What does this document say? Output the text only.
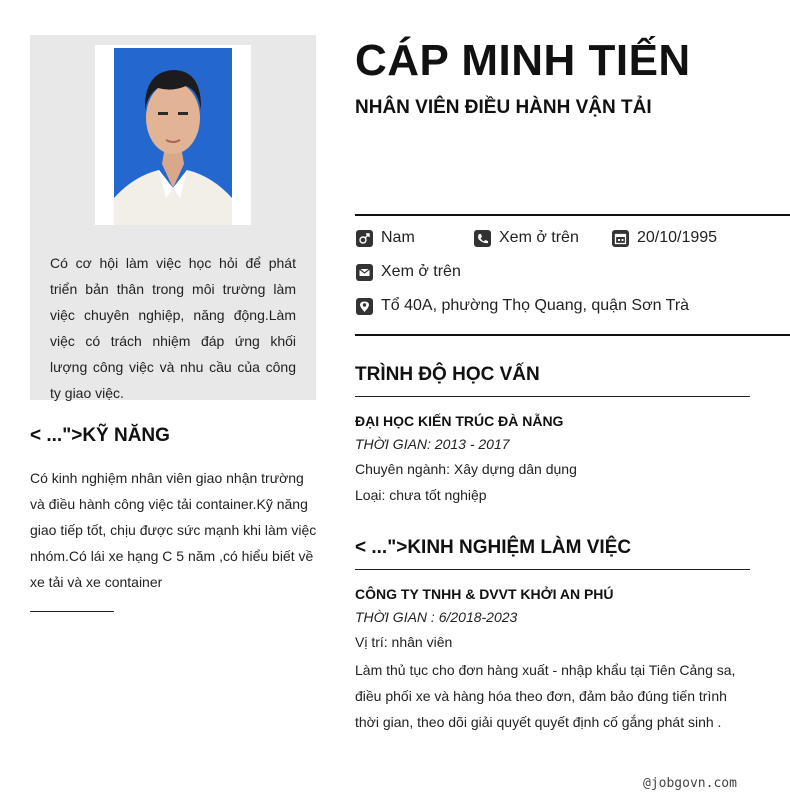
Có cơ hội làm việc học hỏi để phát triển bản thân trong môi trường làm việc chuyên nghiệp, năng động.Làm việc có trách nhiệm đáp ứng khối lượng công việc và nhu cầu của công ty giao việc.
< ...">KỸ NĂNG
Có kinh nghiệm nhân viên giao nhận trường và điều hành công việc tải container.Kỹ năng giao tiếp tốt, chịu được sức mạnh khi làm việc nhóm.Có lái xe hạng C 5 năm ,có hiểu biết về xe tải và xe container
CÁP MINH TIẾN
NHÂN VIÊN ĐIỀU HÀNH VẬN TẢI
Nam	Xem ở trên	20/10/1995
Xem ở trên
Tổ 40A, phường Thọ Quang, quận Sơn Trà
TRÌNH ĐỘ HỌC VẤN
ĐẠI HỌC KIẾN TRÚC ĐÀ NẴNG
THỜI GIAN: 2013 - 2017
Chuyên ngành: Xây dựng dân dụng
Loại: chưa tốt nghiệp
< ...">KINH NGHIỆM LÀM VIỆC
CÔNG TY TNHH & DVVT KHỞI AN PHÚ
THỜI GIAN : 6/2018-2023
Vị trí: nhân viên
Làm thủ tục cho đơn hàng xuất - nhập khẩu tại Tiên Cảng sa, điều phối xe và hàng hóa theo đơn, đảm bảo đúng tiến trình thời gian, theo dõi giải quyết quyết định cố gắng phát sinh .
@jobgovn.com
